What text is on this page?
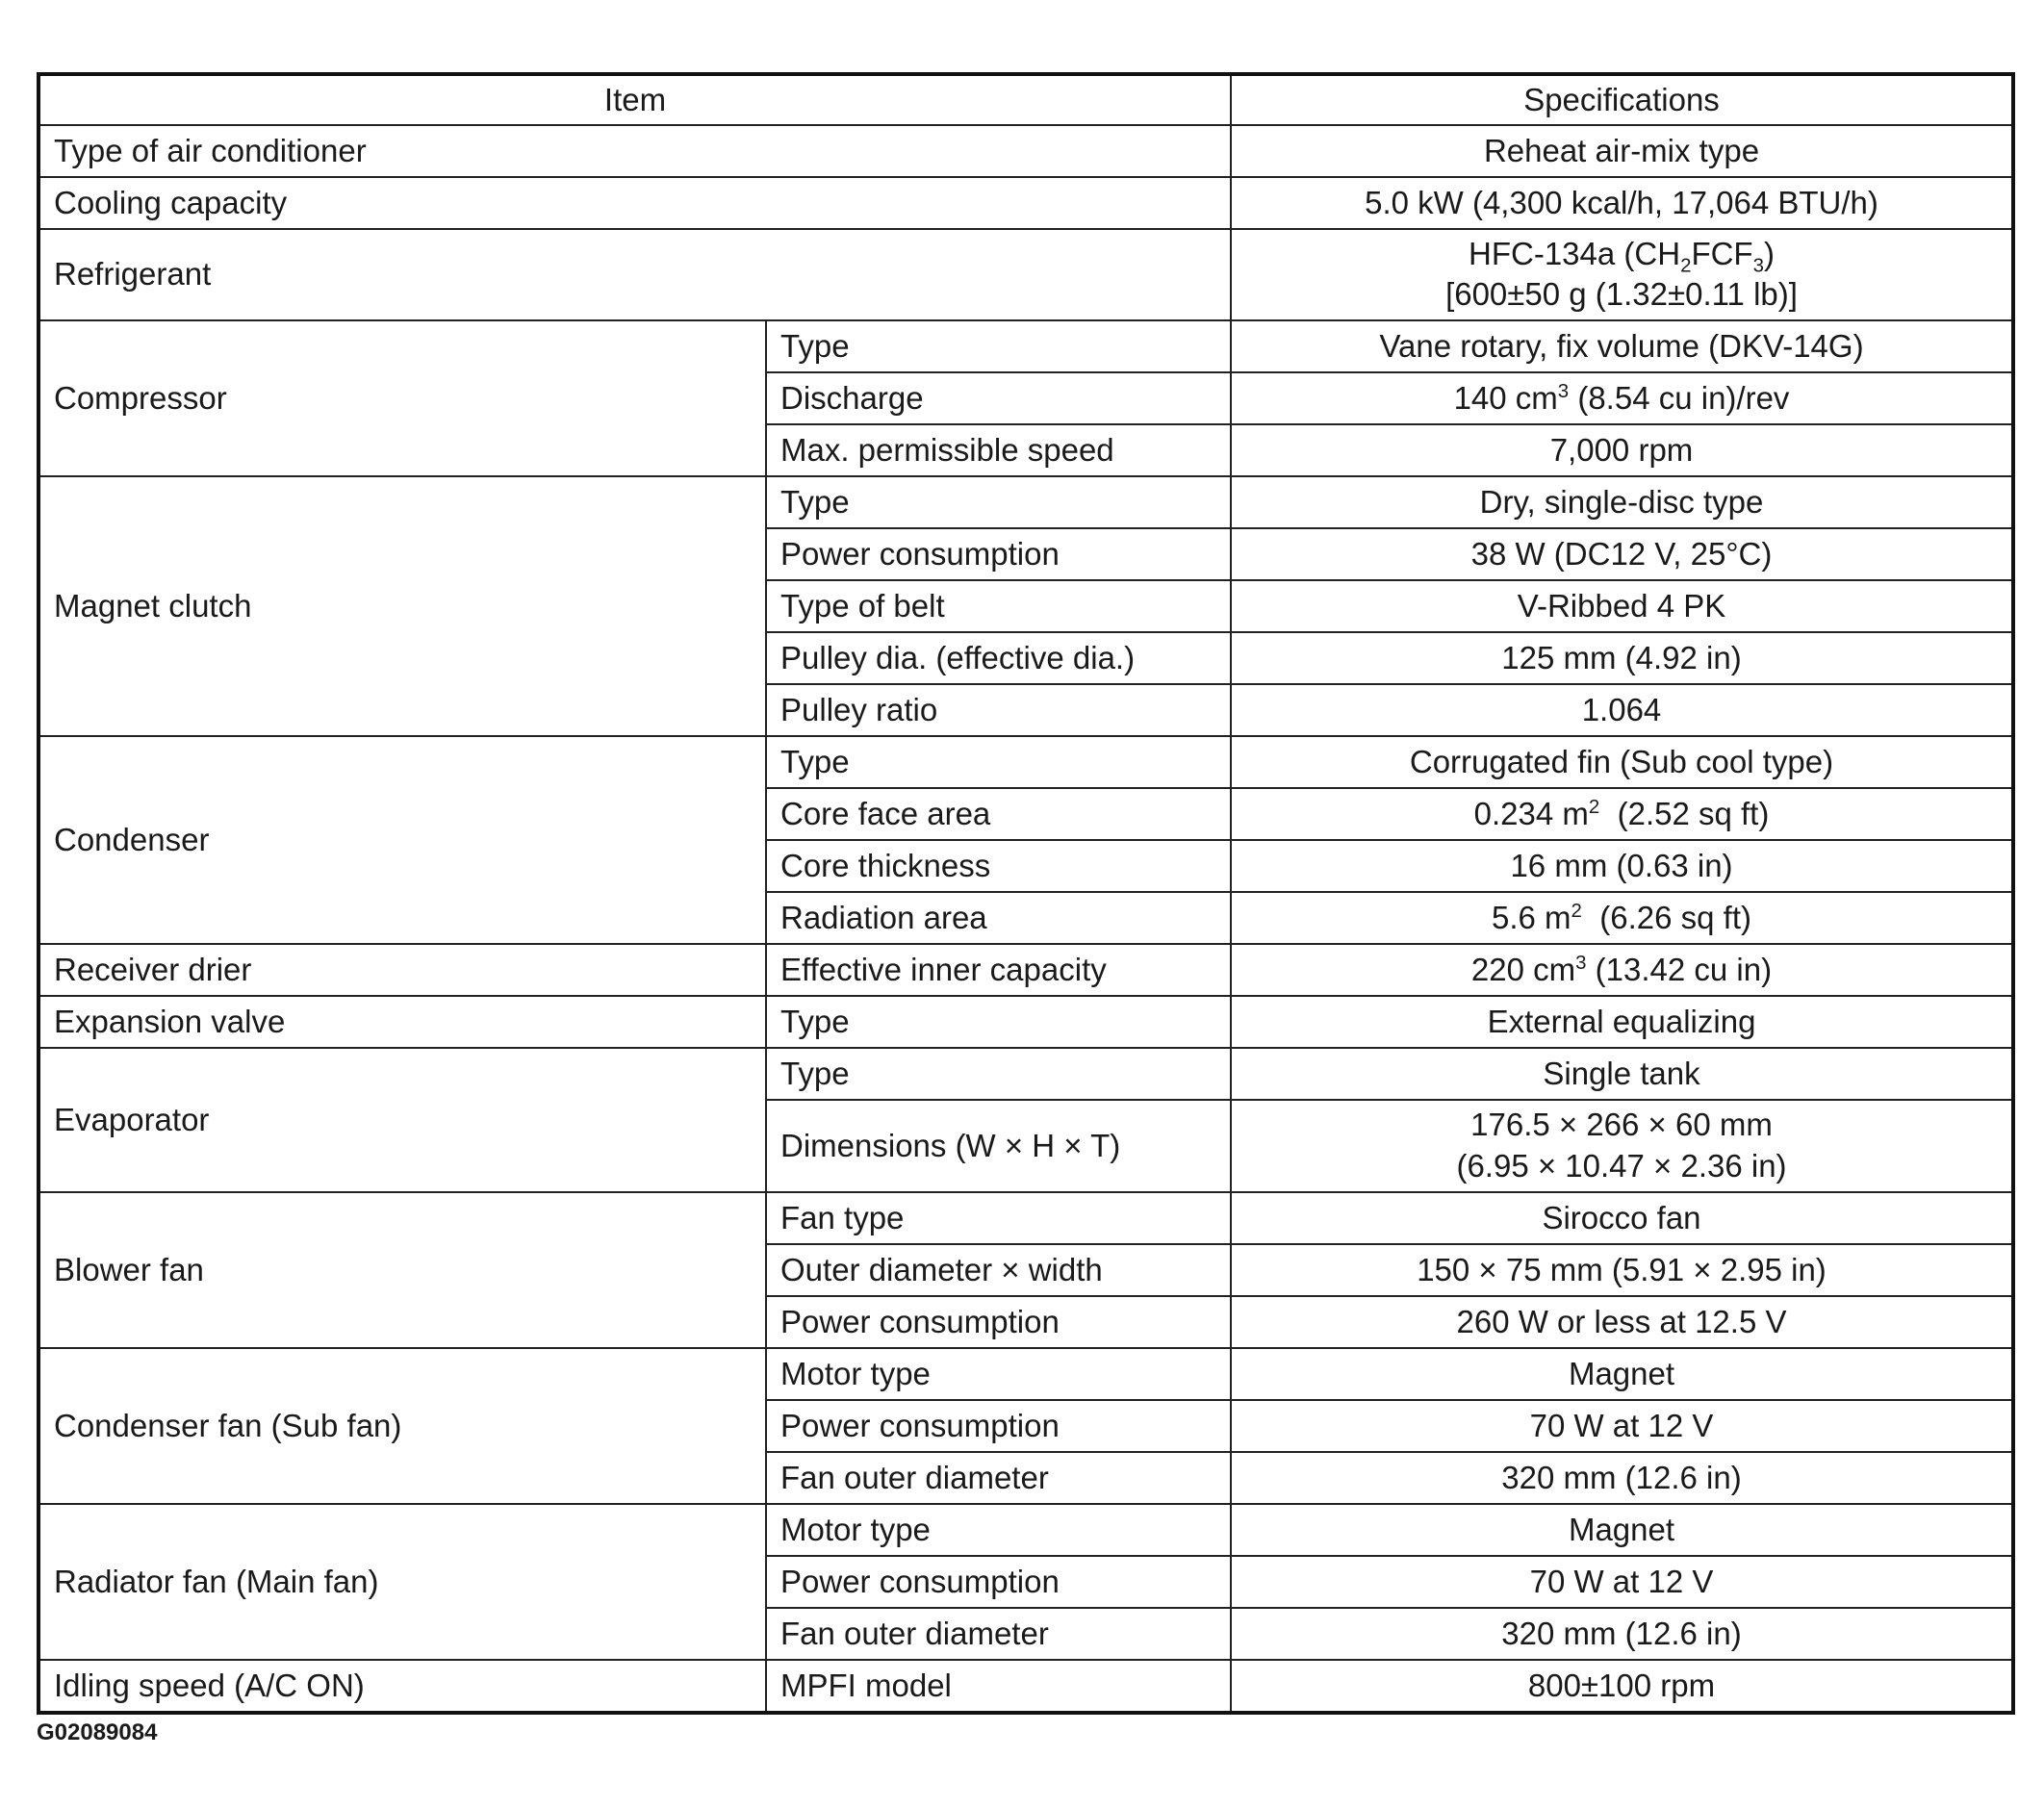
Item		Specifications
Type of air conditioner		Reheat air-mix type
Cooling capacity		5.0 kW (4,300 kcal/h, 17,064 BTU/h)
Refrigerant		HFC-134a $(CH_2FCF_3)$
[600±50 g (1.32±0.11 lb)]

Compressor	Type	Vane rotary, fix volume (DKV-14G)
	Discharge	140 $cm^3$ (8.54 cu in)/rev
	Max. permissible speed	7,000 rpm
Magnet clutch	Type	Dry, single-disc type
	Power consumption	38 W (DC12 V, 25°C)
	Type of belt	V-Ribbed 4 PK
	Pulley dia. (effective dia.)	125 mm (4.92 in)
	Pulley ratio	1.064
Condenser	Type	Corrugated fin (Sub cool type)
	Core face area	0.234 $m^2$  (2.52 sq ft)
	Core thickness	16 mm (0.63 in)
	Radiation area	5.6 $m^2$  (6.26 sq ft)
Receiver drier	Effective inner capacity	220 $cm^3$ (13.42 cu in)
Expansion valve	Type	External equalizing
Evaporator	Type	Single tank
	Dimensions (W × H × T)	176.5 × 266 × 60 mm
(6.95 × 10.47 × 2.36 in)

Blower fan	Fan type	Sirocco fan
	Outer diameter × width	150 × 75 mm (5.91 × 2.95 in)
	Power consumption	260 W or less at 12.5 V
Condenser fan (Sub fan)	Motor type	Magnet
	Power consumption	70 W at 12 V
	Fan outer diameter	320 mm (12.6 in)
Radiator fan (Main fan)	Motor type	Magnet
	Power consumption	70 W at 12 V
	Fan outer diameter	320 mm (12.6 in)
Idling speed (A/C ON)	MPFI model	800±100 rpm
G02089084
